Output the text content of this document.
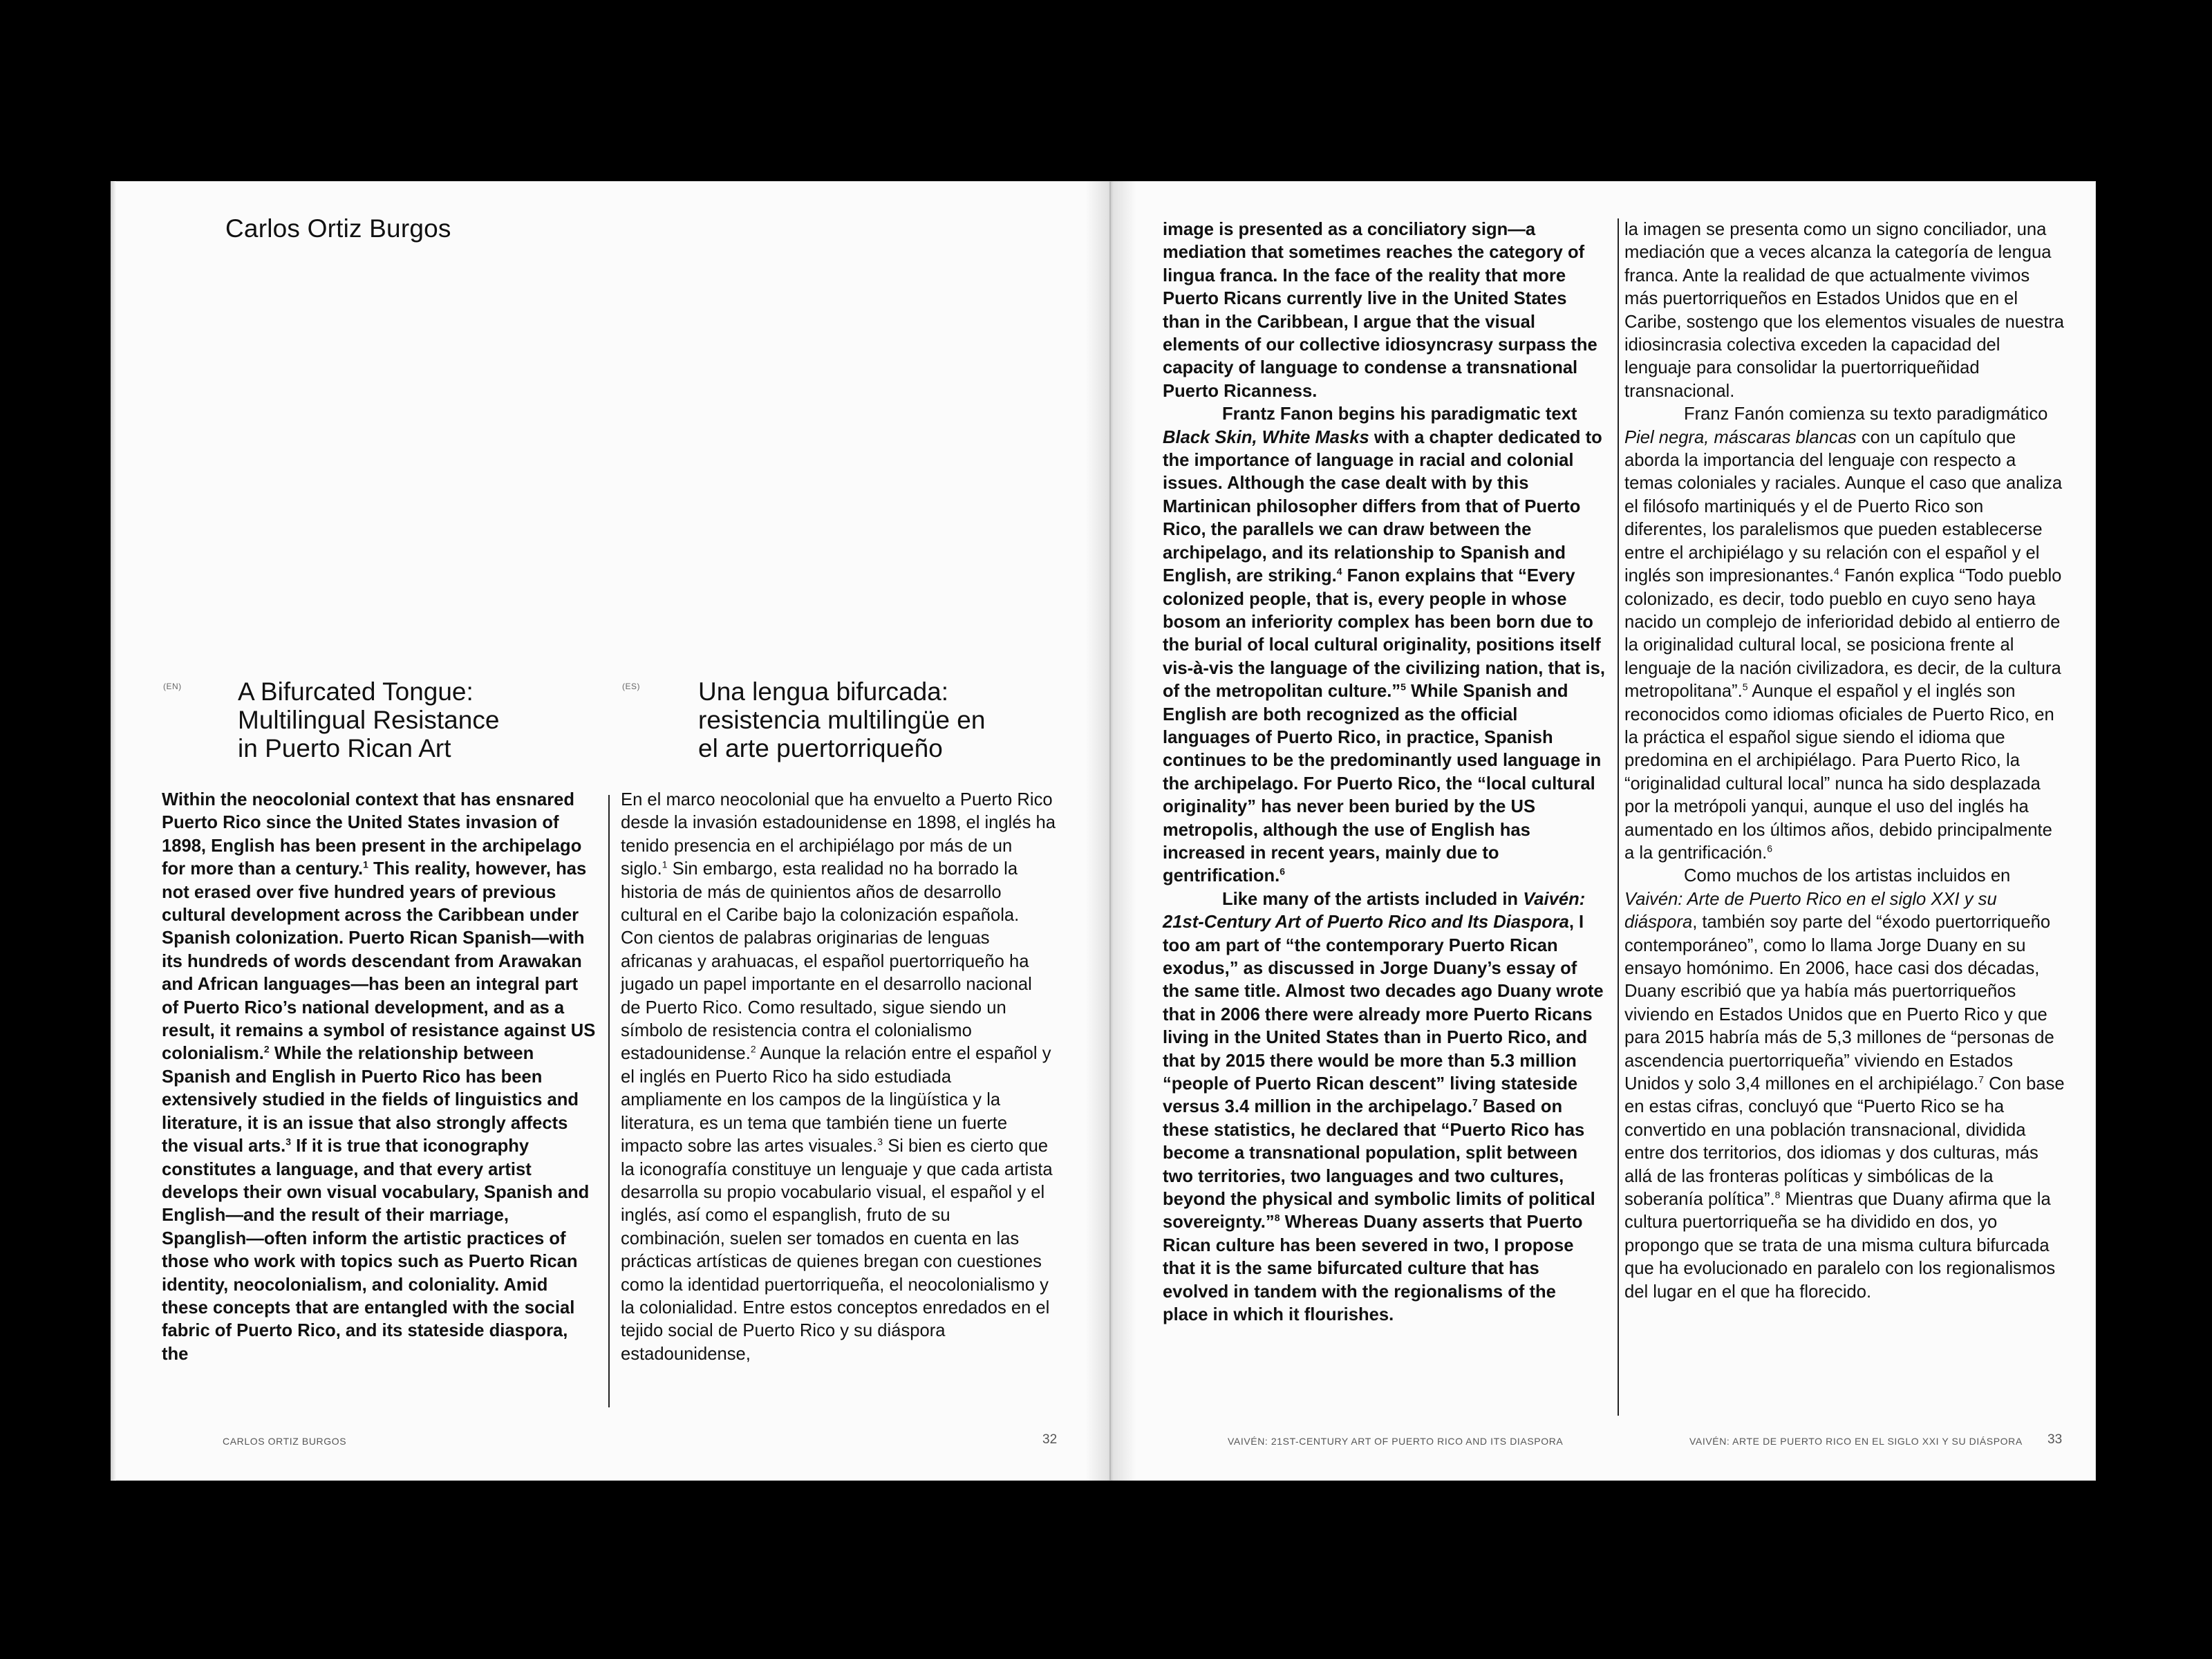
Carlos Ortiz Burgos
(EN) A Bifurcated Tongue:
Multilingual Resistance
in Puerto Rican Art
(ES) Una lengua bifurcada:
resistencia multilingüe en
el arte puertorriqueño

Within the neocolonial context that has ensnared Puerto Rico since the United States invasion of 1898, English has been present in the archipelago for more than a century.$^1$ This reality, however, has not erased over five hundred years of previous cultural development across the Caribbean under Spanish colonization. Puerto Rican Spanish—with its hundreds of words descendant from Arawakan and African languages—has been an integral part of Puerto Rico’s national development, and as a result, it remains a symbol of resistance against US colonialism.$^2$ While the relationship between Spanish and English in Puerto Rico has been extensively studied in the fields of linguistics and literature, it is an issue that also strongly affects the visual arts.$^3$ If it is true that iconography constitutes a language, and that every artist develops their own visual vocabulary, Spanish and English—and the result of their marriage, Spanglish—often inform the artistic practices of those who work with topics such as Puerto Rican identity, neocolonialism, and coloniality. Amid these concepts that are entangled with the social fabric of Puerto Rico, and its stateside diaspora, the

En el marco neocolonial que ha envuelto a Puerto Rico desde la invasión estadounidense en 1898, el inglés ha tenido presencia en el archipiélago por más de un siglo.$^1$ Sin embargo, esta realidad no ha borrado la historia de más de quinientos años de desarrollo cultural en el Caribe bajo la colonización española. Con cientos de palabras originarias de lenguas africanas y arahuacas, el español puertorriqueño ha jugado un papel importante en el desarrollo nacional de Puerto Rico. Como resultado, sigue siendo un símbolo de resistencia contra el colonialismo estadounidense.$^2$ Aunque la relación entre el español y el inglés en Puerto Rico ha sido estudiada ampliamente en los campos de la lingüística y la literatura, es un tema que también tiene un fuerte impacto sobre las artes visuales.$^3$ Si bien es cierto que la iconografía constituye un lenguaje y que cada artista desarrolla su propio vocabulario visual, el español y el inglés, así como el espanglish, fruto de su combinación, suelen ser tomados en cuenta en las prácticas artísticas de quienes bregan con cuestiones como la identidad puertorriqueña, el neocolonialismo y la colonialidad. Entre estos conceptos enredados en el tejido social de Puerto Rico y su diáspora estadounidense,

CARLOS ORTIZ BURGOS	32

image is presented as a conciliatory sign—a mediation that sometimes reaches the category of lingua franca. In the face of the reality that more Puerto Ricans currently live in the United States than in the Caribbean, I argue that the visual elements of our collective idiosyncrasy surpass the capacity of language to condense a transnational Puerto Ricanness.

Frantz Fanon begins his paradigmatic text Black Skin, White Masks with a chapter dedicated to the importance of language in racial and colonial issues. Although the case dealt with by this Martinican philosopher differs from that of Puerto Rico, the parallels we can draw between the archipelago, and its relationship to Spanish and English, are striking.$^4$ Fanon explains that “Every colonized people, that is, every people in whose bosom an inferiority complex has been born due to the burial of local cultural originality, positions itself vis-à-vis the language of the civilizing nation, that is, of the metropolitan culture.”$^5$ While Spanish and English are both recognized as the official languages of Puerto Rico, in practice, Spanish continues to be the predominantly used language in the archipelago. For Puerto Rico, the “local cultural originality” has never been buried by the US metropolis, although the use of English has increased in recent years, mainly due to gentrification.$^6$

Like many of the artists included in Vaivén: 21st-Century Art of Puerto Rico and Its Diaspora, I too am part of “the contemporary Puerto Rican exodus,” as discussed in Jorge Duany’s essay of the same title. Almost two decades ago Duany wrote that in 2006 there were already more Puerto Ricans living in the United States than in Puerto Rico, and that by 2015 there would be more than 5.3 million “people of Puerto Rican descent” living stateside versus 3.4 million in the archipelago.$^7$ Based on these statistics, he declared that “Puerto Rico has become a transnational population, split between two territories, two languages and two cultures, beyond the physical and symbolic limits of political sovereignty.”$^8$ Whereas Duany asserts that Puerto Rican culture has been severed in two, I propose that it is the same bifurcated culture that has evolved in tandem with the regionalisms of the place in which it flourishes.

la imagen se presenta como un signo conciliador, una mediación que a veces alcanza la categoría de lengua franca. Ante la realidad de que actualmente vivimos más puertorriqueños en Estados Unidos que en el Caribe, sostengo que los elementos visuales de nuestra idiosincrasia colectiva exceden la capacidad del lenguaje para consolidar la puertorriqueñidad transnacional.

Franz Fanón comienza su texto paradigmático Piel negra, máscaras blancas con un capítulo que aborda la importancia del lenguaje con respecto a temas coloniales y raciales. Aunque el caso que analiza el filósofo martiniqués y el de Puerto Rico son diferentes, los paralelismos que pueden establecerse entre el archipiélago y su relación con el español y el inglés son impresionantes.$^4$ Fanón explica “Todo pueblo colonizado, es decir, todo pueblo en cuyo seno haya nacido un complejo de inferioridad debido al entierro de la originalidad cultural local, se posiciona frente al lenguaje de la nación civilizadora, es decir, de la cultura metropolitana”.$^5$ Aunque el español y el inglés son reconocidos como idiomas oficiales de Puerto Rico, en la práctica el español sigue siendo el idioma que predomina en el archipiélago. Para Puerto Rico, la “originalidad cultural local” nunca ha sido desplazada por la metrópoli yanqui, aunque el uso del inglés ha aumentado en los últimos años, debido principalmente a la gentrificación.$^6$

Como muchos de los artistas incluidos en Vaivén: Arte de Puerto Rico en el siglo XXI y su diáspora, también soy parte del “éxodo puertorriqueño contemporáneo”, como lo llama Jorge Duany en su ensayo homónimo. En 2006, hace casi dos décadas, Duany escribió que ya había más puertorriqueños viviendo en Estados Unidos que en Puerto Rico y que para 2015 habría más de 5,3 millones de “personas de ascendencia puertorriqueña” viviendo en Estados Unidos y solo 3,4 millones en el archipiélago.$^7$ Con base en estas cifras, concluyó que “Puerto Rico se ha convertido en una población transnacional, dividida entre dos territorios, dos idiomas y dos culturas, más allá de las fronteras políticas y simbólicas de la soberanía política”.$^8$ Mientras que Duany afirma que la cultura puertorriqueña se ha dividido en dos, yo propongo que se trata de una misma cultura bifurcada que ha evolucionado en paralelo con los regionalismos del lugar en el que ha florecido.

VAIVÉN: 21ST-CENTURY ART OF PUERTO RICO AND ITS DIASPORA	VAIVÉN: ARTE DE PUERTO RICO EN EL SIGLO XXI Y SU DIÁSPORA 33
